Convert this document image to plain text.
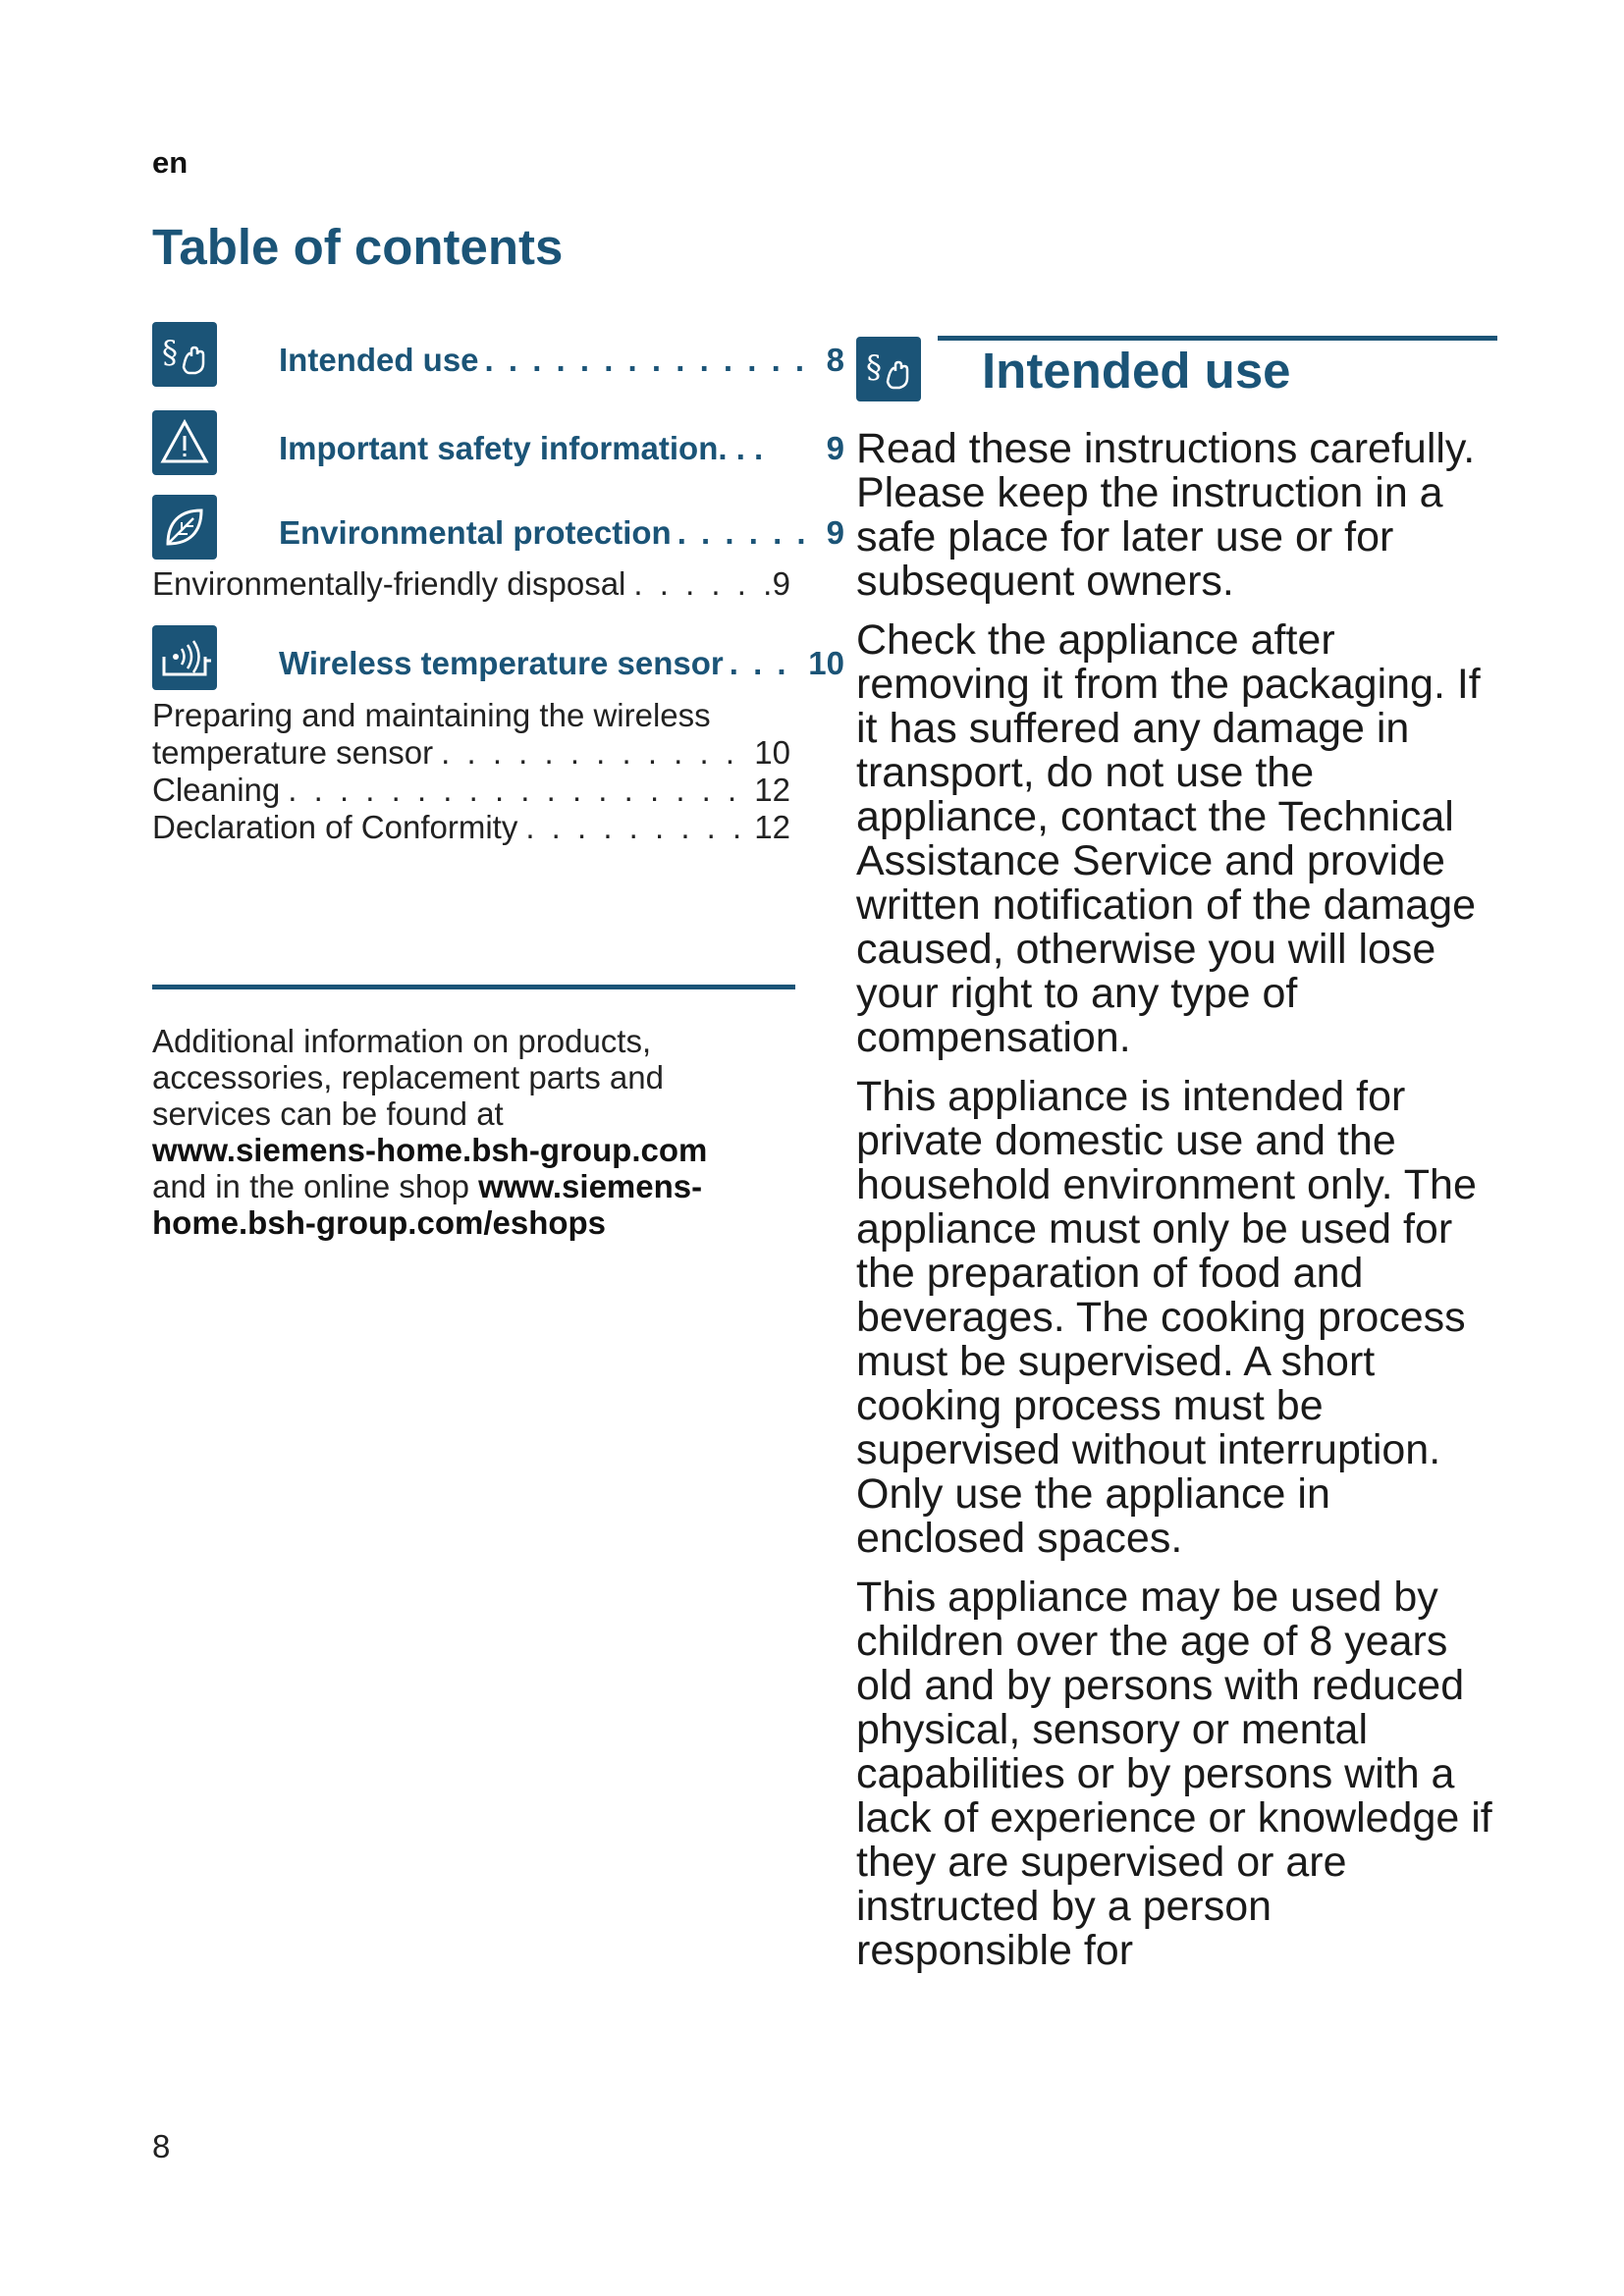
en
Table of contents
§	Intended use . . .	8
Important safety information. . . 9
Environmental protection . . .	9
Environmentally-friendly disposal . . .	9
Wireless temperature sensor . . .	10
Preparing and maintaining the wireless
temperature sensor . . .	10
Cleaning . . .	12
Declaration of Conformity . . .	12
Additional information on products, accessories, replacement parts and services can be found at
www.siemens-home.bsh-group.com
and in the online shop www.siemens-home.bsh-group.com/eshops
§ Intended use

Read these instructions carefully. Please keep the instruction in a safe place for later use or for subsequent owners.

Check the appliance after removing it from the packaging. If it has suffered any damage in transport, do not use the appliance, contact the Technical Assistance Service and provide written notification of the damage caused, otherwise you will lose your right to any type of compensation.

This appliance is intended for private domestic use and the household environment only. The appliance must only be used for the preparation of food and beverages. The cooking process must be supervised. A short cooking process must be supervised without interruption. Only use the appliance in enclosed spaces.

This appliance may be used by children over the age of 8 years old and by persons with reduced physical, sensory or mental capabilities or by persons with a lack of experience or knowledge if they are supervised or are instructed by a person responsible for

8
